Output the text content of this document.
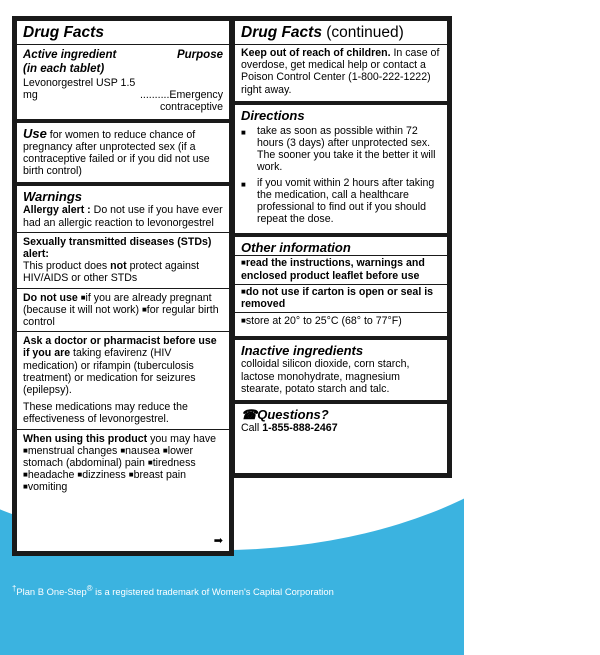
Drug Facts
Active ingredient	Purpose
(in each tablet)
Levonorgestrel USP 1.5 mg	.......... Emergency
contraceptive
Use for women to reduce chance of pregnancy after unprotected sex (if a contraceptive failed or if you did not use birth control)
Warnings
Allergy alert : Do not use if you have ever had an allergic reaction to levonorgestrel
Sexually transmitted diseases (STDs) alert:
This product does not protect against HIV/AIDS or other STDs
Do not use ■if you are already pregnant (because it will not work) ■for regular birth control
Ask a doctor or pharmacist before use if you are taking efavirenz (HIV medication) or rifampin (tuberculosis treatment) or medication for seizures (epilepsy).
These medications may reduce the effectiveness of levonorgestrel.
When using this product you may have ■menstrual changes ■nausea ■lower stomach (abdominal) pain ■tiredness ■headache ■dizziness ■breast pain ■vomiting
➡
Drug Facts (continued)
Keep out of reach of children. In case of overdose, get medical help or contact a Poison Control Center (1-800-222-1222) right away.
Directions
■ take as soon as possible within 72 hours (3 days) after unprotected sex. The sooner you take it the better it will work.
■ if you vomit within 2 hours after taking the medication, call a healthcare professional to find out if you should repeat the dose.
Other information
■read the instructions, warnings and enclosed product leaflet before use
■do not use if carton is open or seal is removed
■store at 20° to 25°C (68° to 77°F)
Inactive ingredients
colloidal silicon dioxide, corn starch, lactose monohydrate, magnesium stearate, potato starch and talc.
☎Questions?
Call 1-855-888-2467
†Plan B One-Step® is a registered trademark of Women's Capital Corporation
